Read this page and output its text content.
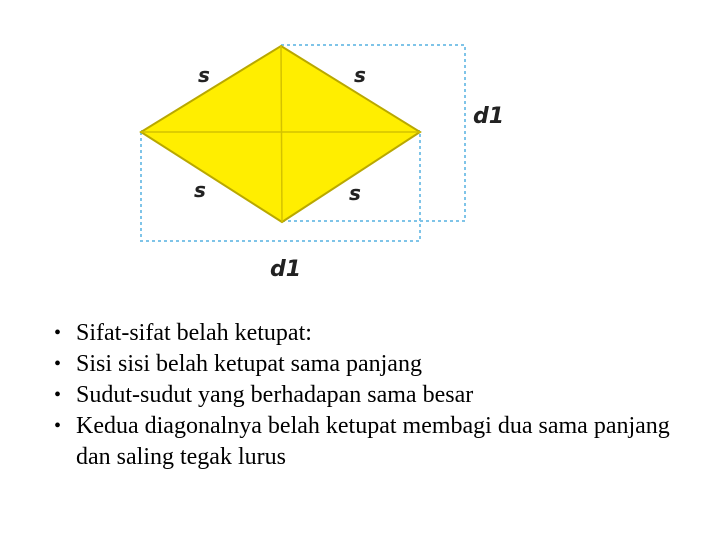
s	s
s	s
d1
d1
• Sifat-sifat belah ketupat:
• Sisi sisi belah ketupat sama panjang
• Sudut-sudut yang berhadapan sama besar
• Kedua diagonalnya belah ketupat membagi dua sama panjang dan saling tegak lurus
